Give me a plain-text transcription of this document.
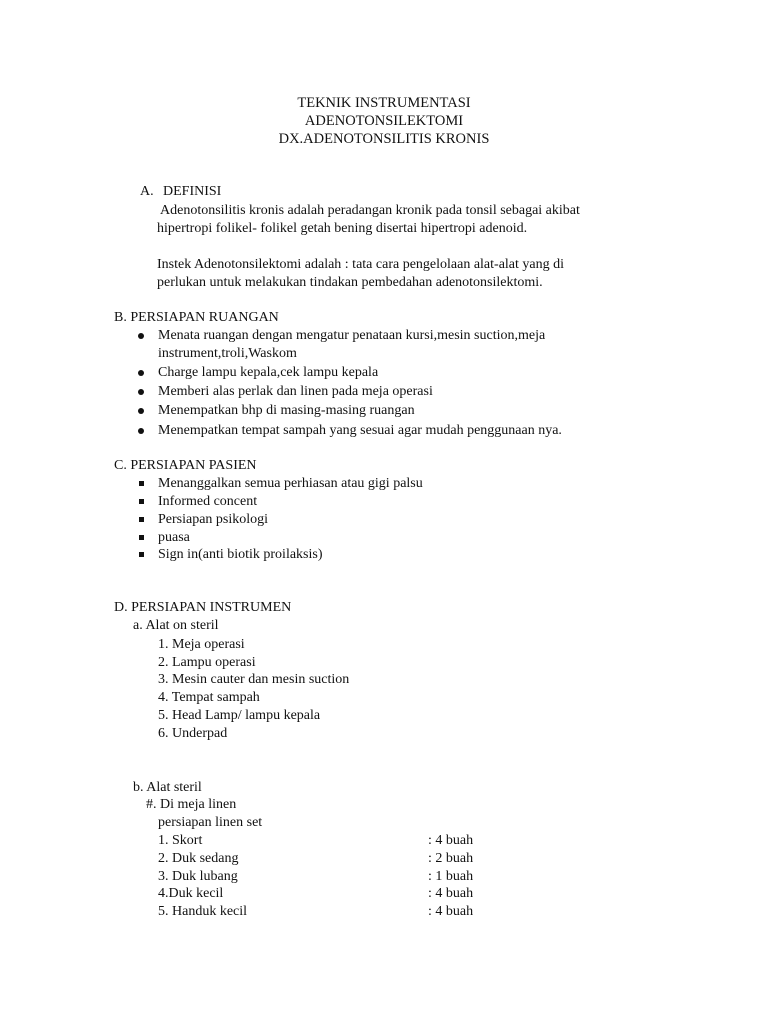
TEKNIK INSTRUMENTASI
ADENOTONSILEKTOMI
DX.ADENOTONSILITIS KRONIS
A. DEFINISI
Adenotonsilitis kronis adalah peradangan kronik pada tonsil sebagai akibat
hipertropi folikel- folikel getah bening disertai hipertropi adenoid.
Instek Adenotonsilektomi adalah : tata cara pengelolaan alat-alat yang di
perlukan untuk melakukan tindakan pembedahan adenotonsilektomi.
B. PERSIAPAN RUANGAN
Menata ruangan dengan mengatur penataan kursi,mesin suction,meja
instrument,troli,Waskom
Charge lampu kepala,cek lampu kepala
Memberi alas perlak dan linen pada meja operasi
Menempatkan bhp di masing-masing ruangan
Menempatkan tempat sampah yang sesuai agar mudah penggunaan nya.
C. PERSIAPAN PASIEN
Menanggalkan semua perhiasan atau gigi palsu
Informed concent
Persiapan psikologi
puasa
Sign in(anti biotik proilaksis)
D. PERSIAPAN INSTRUMEN
a. Alat on steril
1. Meja operasi
2. Lampu operasi
3. Mesin cauter dan mesin suction
4. Tempat sampah
5. Head Lamp/ lampu kepala
6. Underpad
b. Alat steril
#. Di meja linen
persiapan linen set
1. Skort	: 4 buah
2. Duk sedang	: 2 buah
3. Duk lubang	: 1 buah
4.Duk kecil	: 4 buah
5. Handuk kecil	: 4 buah
